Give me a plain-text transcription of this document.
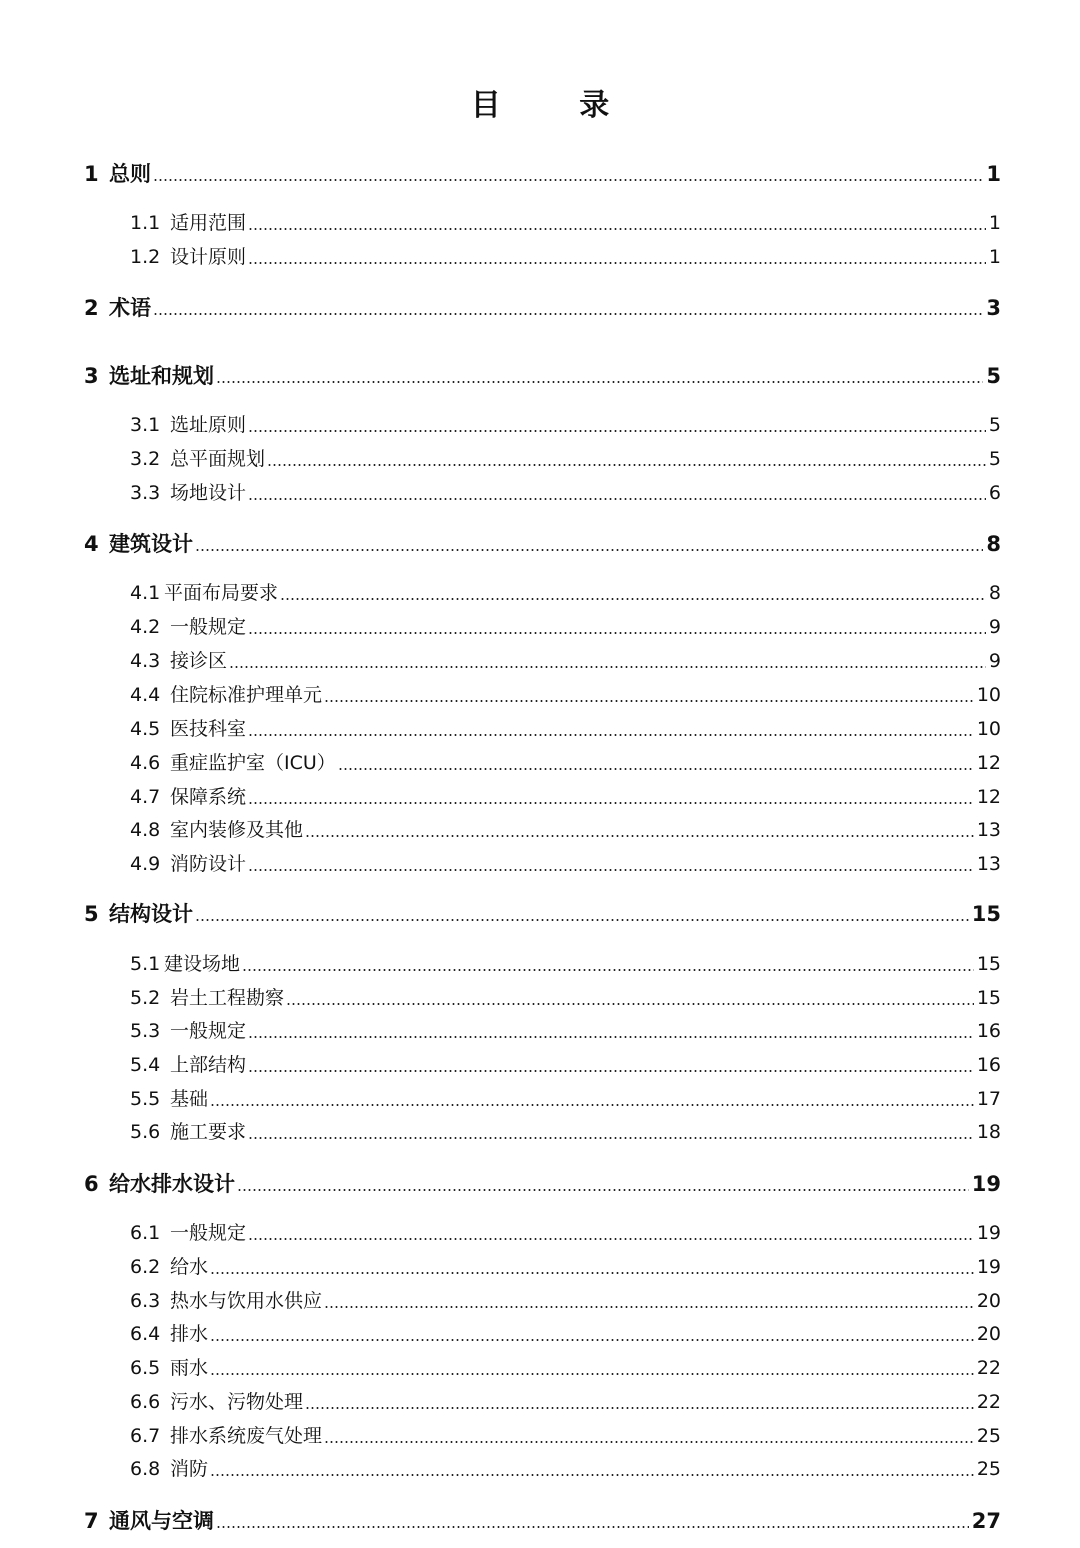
目 录
1 总则	1
1.1 适用范围	1
1.2 设计原则	1
2 术语	3
3 选址和规划	5
3.1 选址原则	5
3.2 总平面规划	5
3.3 场地设计	6
4 建筑设计	8
4.1 平面布局要求	8
4.2 一般规定	9
4.3 接诊区	9
4.4 住院标准护理单元	10
4.5 医技科室	10
4.6 重症监护室（ICU）	12
4.7 保障系统	12
4.8 室内装修及其他	13
4.9 消防设计	13
5 结构设计	15
5.1 建设场地	15
5.2 岩土工程勘察	15
5.3 一般规定	16
5.4 上部结构	16
5.5 基础	17
5.6 施工要求	18
6 给水排水设计	19
6.1 一般规定	19
6.2 给水	19
6.3 热水与饮用水供应	20
6.4 排水	20
6.5 雨水	22
6.6 污水、污物处理	22
6.7 排水系统废气处理	25
6.8 消防	25
7 通风与空调	27
